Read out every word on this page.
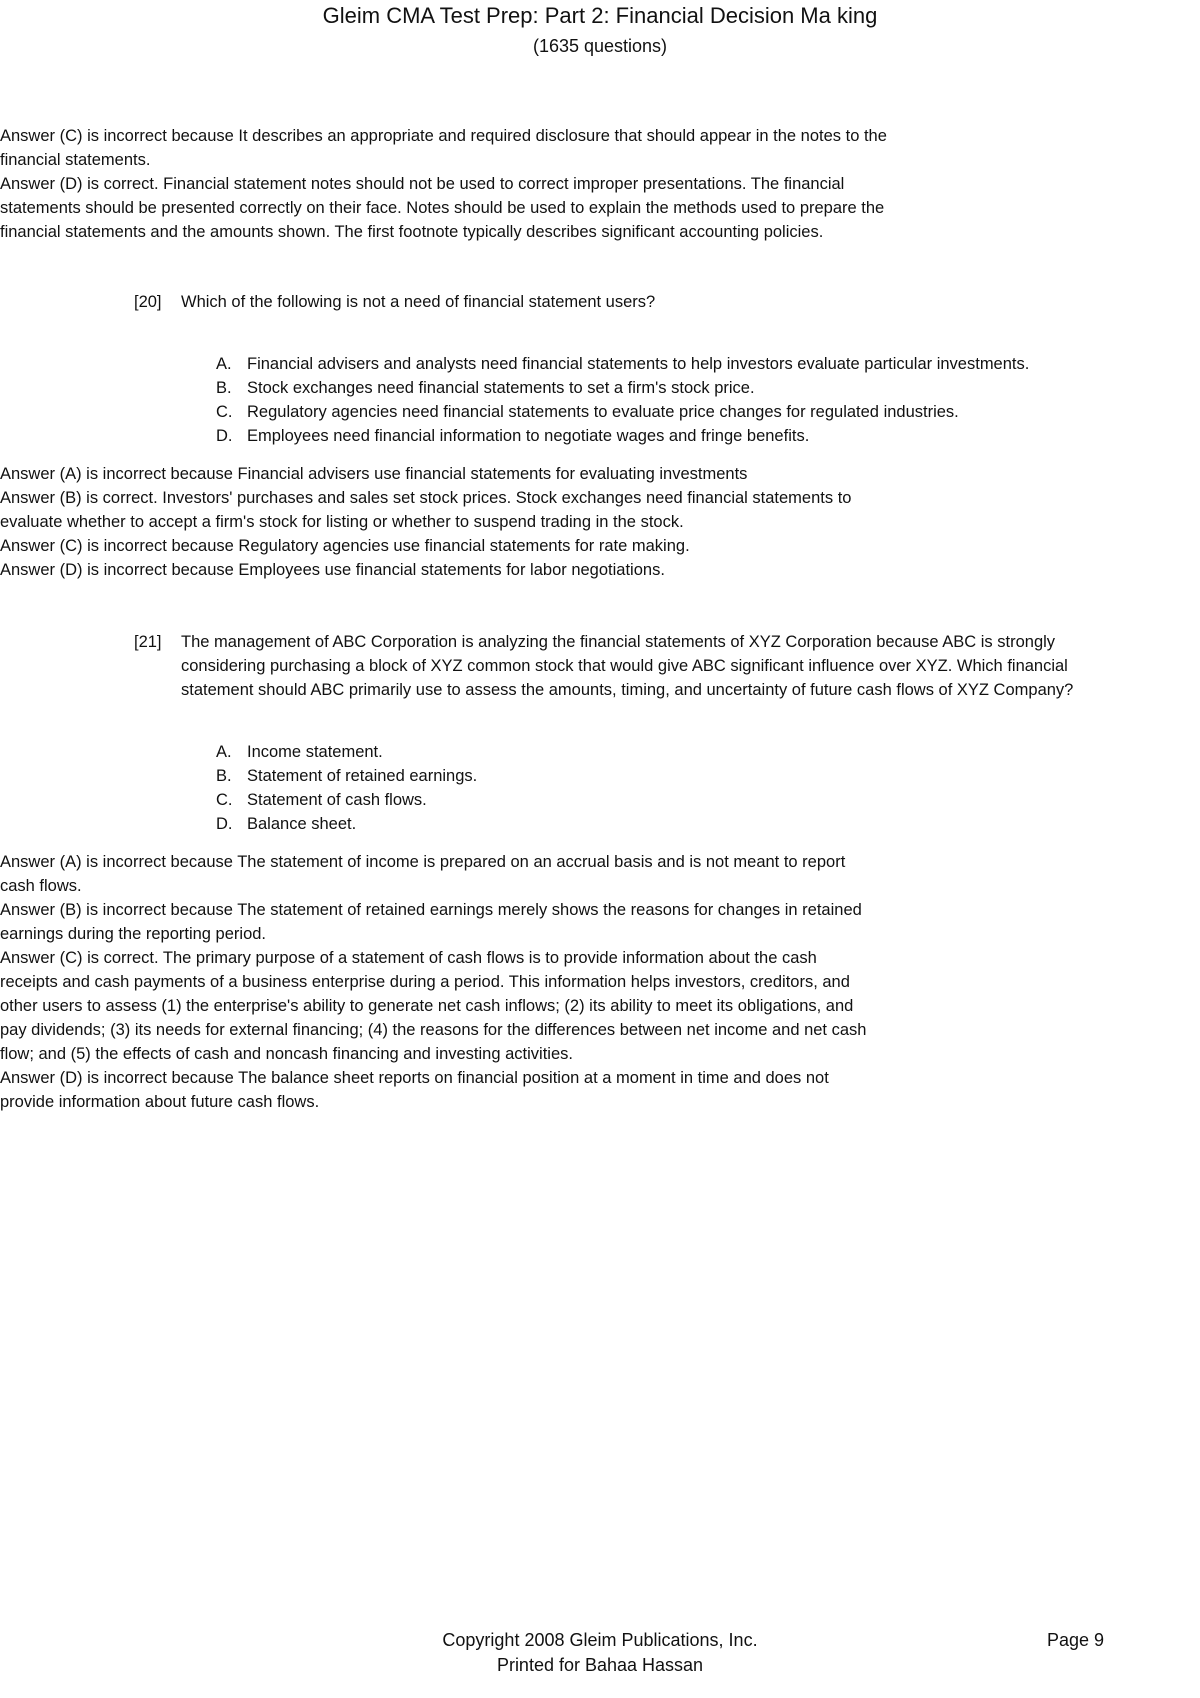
Gleim CMA Test Prep: Part 2: Financial Decision Ma king
(1635 questions)
Answer (C) is incorrect because It describes an appropriate and required disclosure that should appear in the notes to the financial statements.
Answer (D) is correct. Financial statement notes should not be used to correct improper presentations. The financial statements should be presented correctly on their face. Notes should be used to explain the methods used to prepare the financial statements and the amounts shown. The first footnote typically describes significant accounting policies.
[20] Which of the following is not a need of financial statement users?
A. Financial advisers and analysts need financial statements to help investors evaluate particular investments.
B. Stock exchanges need financial statements to set a firm's stock price.
C. Regulatory agencies need financial statements to evaluate price changes for regulated industries.
D. Employees need financial information to negotiate wages and fringe benefits.
Answer (A) is incorrect because Financial advisers use financial statements for evaluating investments
Answer (B) is correct. Investors' purchases and sales set stock prices. Stock exchanges need financial statements to evaluate whether to accept a firm's stock for listing or whether to suspend trading in the stock.
Answer (C) is incorrect because Regulatory agencies use financial statements for rate making.
Answer (D) is incorrect because Employees use financial statements for labor negotiations.
[21] The management of ABC Corporation is analyzing the financial statements of XYZ Corporation because ABC is strongly considering purchasing a block of XYZ common stock that would give ABC significant influence over XYZ. Which financial statement should ABC primarily use to assess the amounts, timing, and uncertainty of future cash flows of XYZ Company?
A. Income statement.
B. Statement of retained earnings.
C. Statement of cash flows.
D. Balance sheet.
Answer (A) is incorrect because The statement of income is prepared on an accrual basis and is not meant to report cash flows.
Answer (B) is incorrect because The statement of retained earnings merely shows the reasons for changes in retained earnings during the reporting period.
Answer (C) is correct. The primary purpose of a statement of cash flows is to provide information about the cash receipts and cash payments of a business enterprise during a period. This information helps investors, creditors, and other users to assess (1) the enterprise's ability to generate net cash inflows; (2) its ability to meet its obligations, and pay dividends; (3) its needs for external financing; (4) the reasons for the differences between net income and net cash flow; and (5) the effects of cash and noncash financing and investing activities.
Answer (D) is incorrect because The balance sheet reports on financial position at a moment in time and does not provide information about future cash flows.
Copyright 2008 Gleim Publications, Inc.
Printed for Bahaa Hassan
Page 9
